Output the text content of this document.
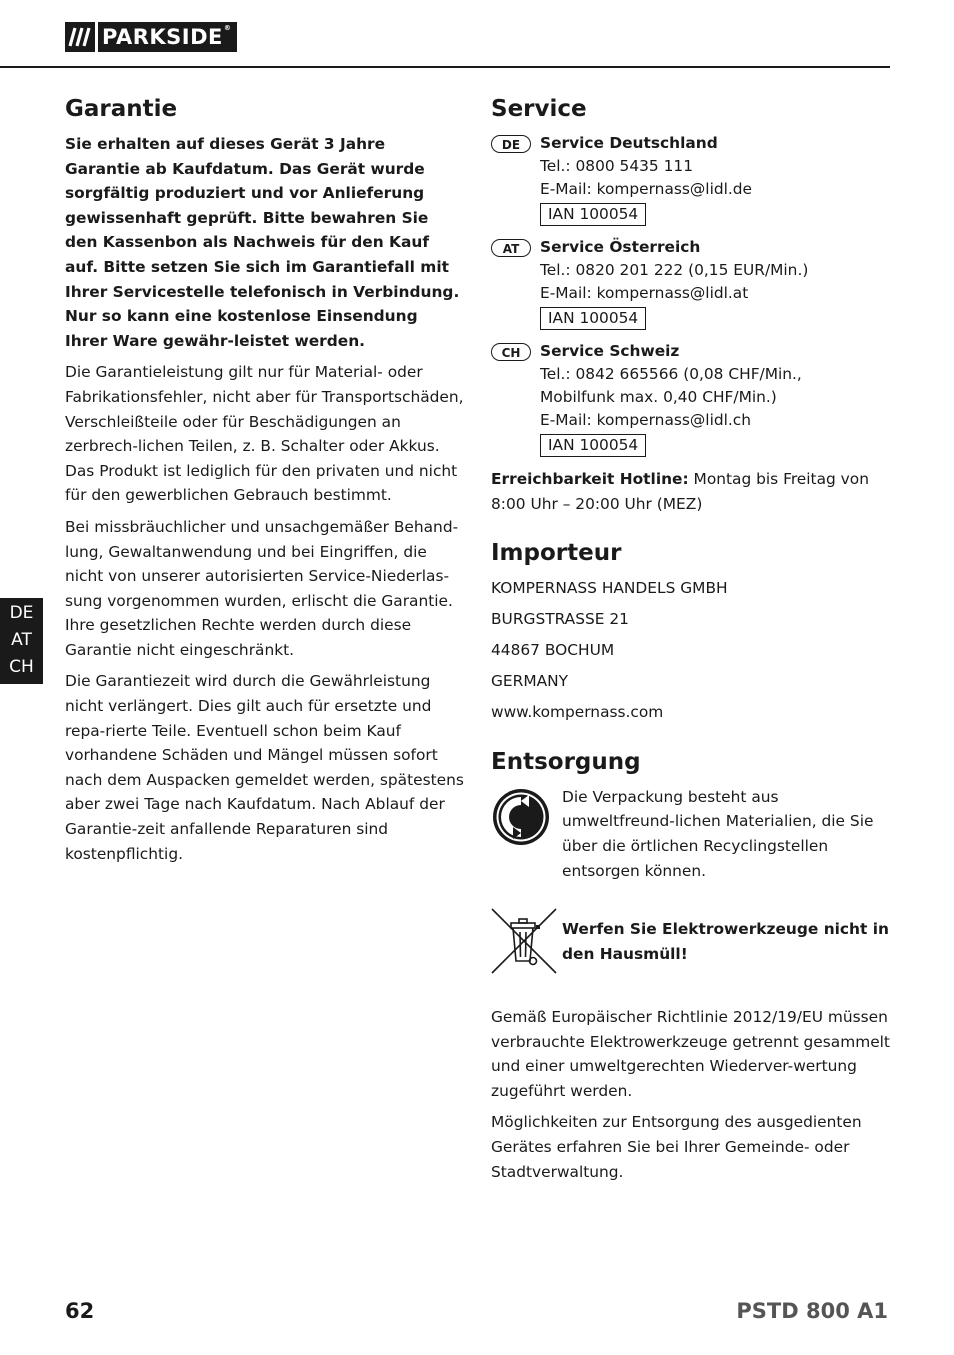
PARKSIDE®
Garantie

Sie erhalten auf dieses Gerät 3 Jahre Garantie ab Kaufdatum. Das Gerät wurde sorgfältig produziert und vor Anlieferung gewissenhaft geprüft. Bitte bewahren Sie den Kassenbon als Nachweis für den Kauf auf. Bitte setzen Sie sich im Garantiefall mit Ihrer Servicestelle telefonisch in Verbindung. Nur so kann eine kostenlose Einsendung Ihrer Ware gewähr-leistet werden.

Die Garantieleistung gilt nur für Material- oder Fabrikationsfehler, nicht aber für Transportschäden, Verschleißteile oder für Beschädigungen an zerbrech-lichen Teilen, z. B. Schalter oder Akkus. Das Produkt ist lediglich für den privaten und nicht für den gewerblichen Gebrauch bestimmt.

Bei missbräuchlicher und unsachgemäßer Behand-lung, Gewaltanwendung und bei Eingriffen, die nicht von unserer autorisierten Service-Niederlas-sung vorgenommen wurden, erlischt die Garantie. Ihre gesetzlichen Rechte werden durch diese Garantie nicht eingeschränkt.

Die Garantiezeit wird durch die Gewährleistung nicht verlängert. Dies gilt auch für ersetzte und repa-rierte Teile. Eventuell schon beim Kauf vorhandene Schäden und Mängel müssen sofort nach dem Auspacken gemeldet werden, spätestens aber zwei Tage nach Kaufdatum. Nach Ablauf der Garantie-zeit anfallende Reparaturen sind kostenpflichtig.

Service
DE	Service Deutschland
Tel.: 0800 5435 111
E-Mail: kompernass@lidl.de
IAN 100054
AT	Service Österreich
Tel.: 0820 201 222 (0,15 EUR/Min.)
E-Mail: kompernass@lidl.at
IAN 100054
CH	Service Schweiz
Tel.: 0842 665566 (0,08 CHF/Min.,
Mobilfunk max. 0,40 CHF/Min.)
E-Mail: kompernass@lidl.ch
IAN 100054

Erreichbarkeit Hotline: Montag bis Freitag von 8:00 Uhr – 20:00 Uhr (MEZ)

Importeur

KOMPERNASS HANDELS GMBH

BURGSTRASSE 21

44867 BOCHUM

GERMANY

www.kompernass.com

Entsorgung

Die Verpackung besteht aus umweltfreund-lichen Materialien, die Sie über die örtlichen Recyclingstellen entsorgen können.

Werfen Sie Elektrowerkzeuge nicht in den Hausmüll!

Gemäß Europäischer Richtlinie 2012/19/EU müssen verbrauchte Elektrowerkzeuge getrennt gesammelt und einer umweltgerechten Wiederver-wertung zugeführt werden.

Möglichkeiten zur Entsorgung des ausgedienten Gerätes erfahren Sie bei Ihrer Gemeinde- oder Stadtverwaltung.

DE
AT
CH
62	PSTD 800 A1
